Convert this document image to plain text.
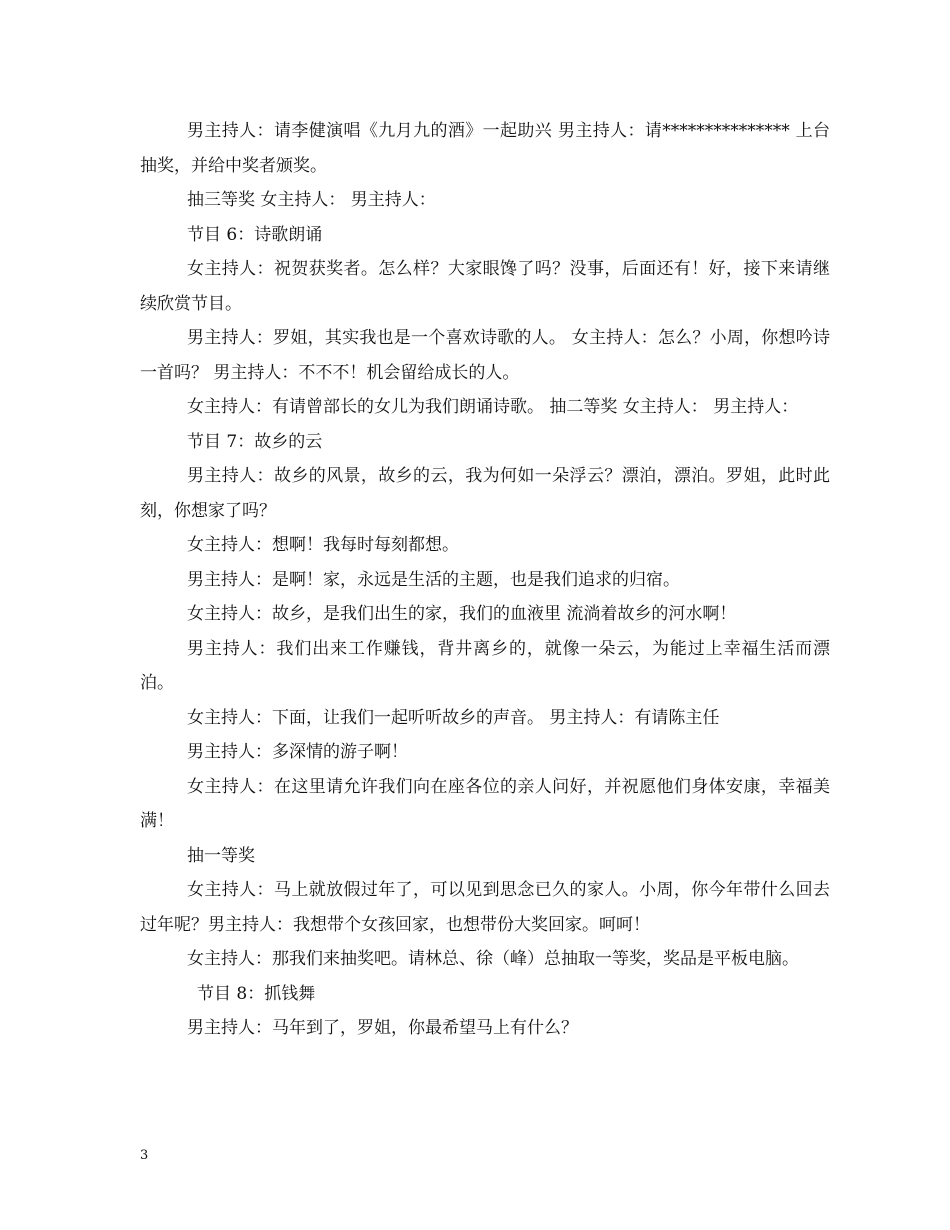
男主持人：请李健演唱《九月九的酒》一起助兴 男主持人：请*************** 上台抽奖，并给中奖者颁奖。

抽三等奖 女主持人： 男主持人：

节目 6：诗歌朗诵

女主持人：祝贺获奖者。怎么样？大家眼馋了吗？没事，后面还有！好，接下来请继续欣赏节目。

男主持人：罗姐，其实我也是一个喜欢诗歌的人。 女主持人：怎么？小周，你想吟诗一首吗？ 男主持人：不不不！机会留给成长的人。

女主持人：有请曾部长的女儿为我们朗诵诗歌。 抽二等奖 女主持人： 男主持人：

节目 7：故乡的云

男主持人：故乡的风景，故乡的云，我为何如一朵浮云？漂泊，漂泊。罗姐，此时此刻，你想家了吗？

女主持人：想啊！我每时每刻都想。

男主持人：是啊！家，永远是生活的主题，也是我们追求的归宿。

女主持人：故乡，是我们出生的家，我们的血液里 流淌着故乡的河水啊！

男主持人：我们出来工作赚钱，背井离乡的，就像一朵云，为能过上幸福生活而漂泊。

女主持人：下面，让我们一起听听故乡的声音。 男主持人：有请陈主任

男主持人：多深情的游子啊！

女主持人：在这里请允许我们向在座各位的亲人问好，并祝愿他们身体安康，幸福美满！

抽一等奖

女主持人：马上就放假过年了，可以见到思念已久的家人。小周，你今年带什么回去过年呢？男主持人：我想带个女孩回家，也想带份大奖回家。呵呵！

女主持人：那我们来抽奖吧。请林总、徐（峰）总抽取一等奖，奖品是平板电脑。

节目 8：抓钱舞

男主持人：马年到了，罗姐，你最希望马上有什么？

3
